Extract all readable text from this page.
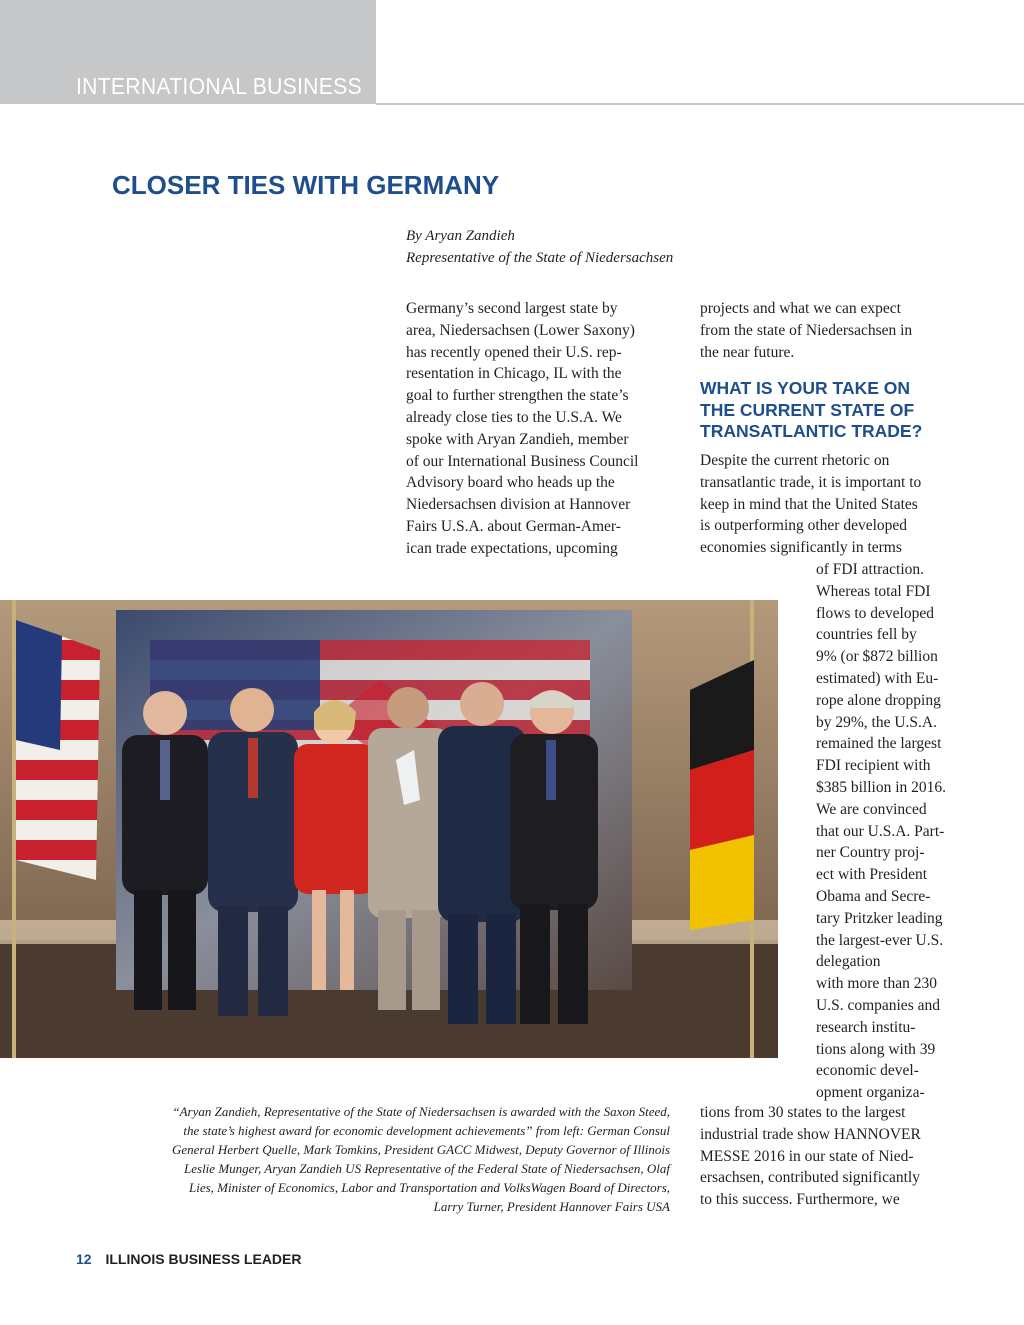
INTERNATIONAL BUSINESS
CLOSER TIES WITH GERMANY
By Aryan Zandieh
Representative of the State of Niedersachsen
Germany’s second largest state by
area, Niedersachsen (Lower Saxony)
has recently opened their U.S. rep-
resentation in Chicago, IL with the
goal to further strengthen the state’s
already close ties to the U.S.A. We
spoke with Aryan Zandieh, member
of our International Business Council
Advisory board who heads up the
Niedersachsen division at Hannover
Fairs U.S.A. about German-Amer-
ican trade expectations, upcoming
projects and what we can expect
from the state of Niedersachsen in
the near future.
WHAT IS YOUR TAKE ON
THE CURRENT STATE OF
TRANSATLANTIC TRADE?
Despite the current rhetoric on
transatlantic trade, it is important to
keep in mind that the United States
is outperforming other developed
economies significantly in terms
of FDI attraction.
Whereas total FDI
flows to developed
countries fell by
9% (or $872 billion
estimated) with Eu-
rope alone dropping
by 29%, the U.S.A.
remained the largest
FDI recipient with
$385 billion in 2016.
We are convinced
that our U.S.A. Part-
ner Country proj-
ect with President
Obama and Secre-
tary Pritzker leading
the largest-ever U.S.
delegation
with more than 230
U.S. companies and
research institu-
tions along with 39
economic devel-
opment organiza-
tions from 30 states to the largest
industrial trade show HANNOVER
MESSE 2016 in our state of Nied-
ersachsen, contributed significantly
to this success. Furthermore, we
“Aryan Zandieh, Representative of the State of Niedersachsen is awarded with the Saxon Steed,
the state’s highest award for economic development achievements” from left: German Consul
General Herbert Quelle, Mark Tomkins, President GACC Midwest, Deputy Governor of Illinois
Leslie Munger, Aryan Zandieh US Representative of the Federal State of Niedersachsen, Olaf
Lies, Minister of Economics, Labor and Transportation and VolksWagen Board of Directors,
Larry Turner, President Hannover Fairs USA
12 ILLINOIS BUSINESS LEADER
